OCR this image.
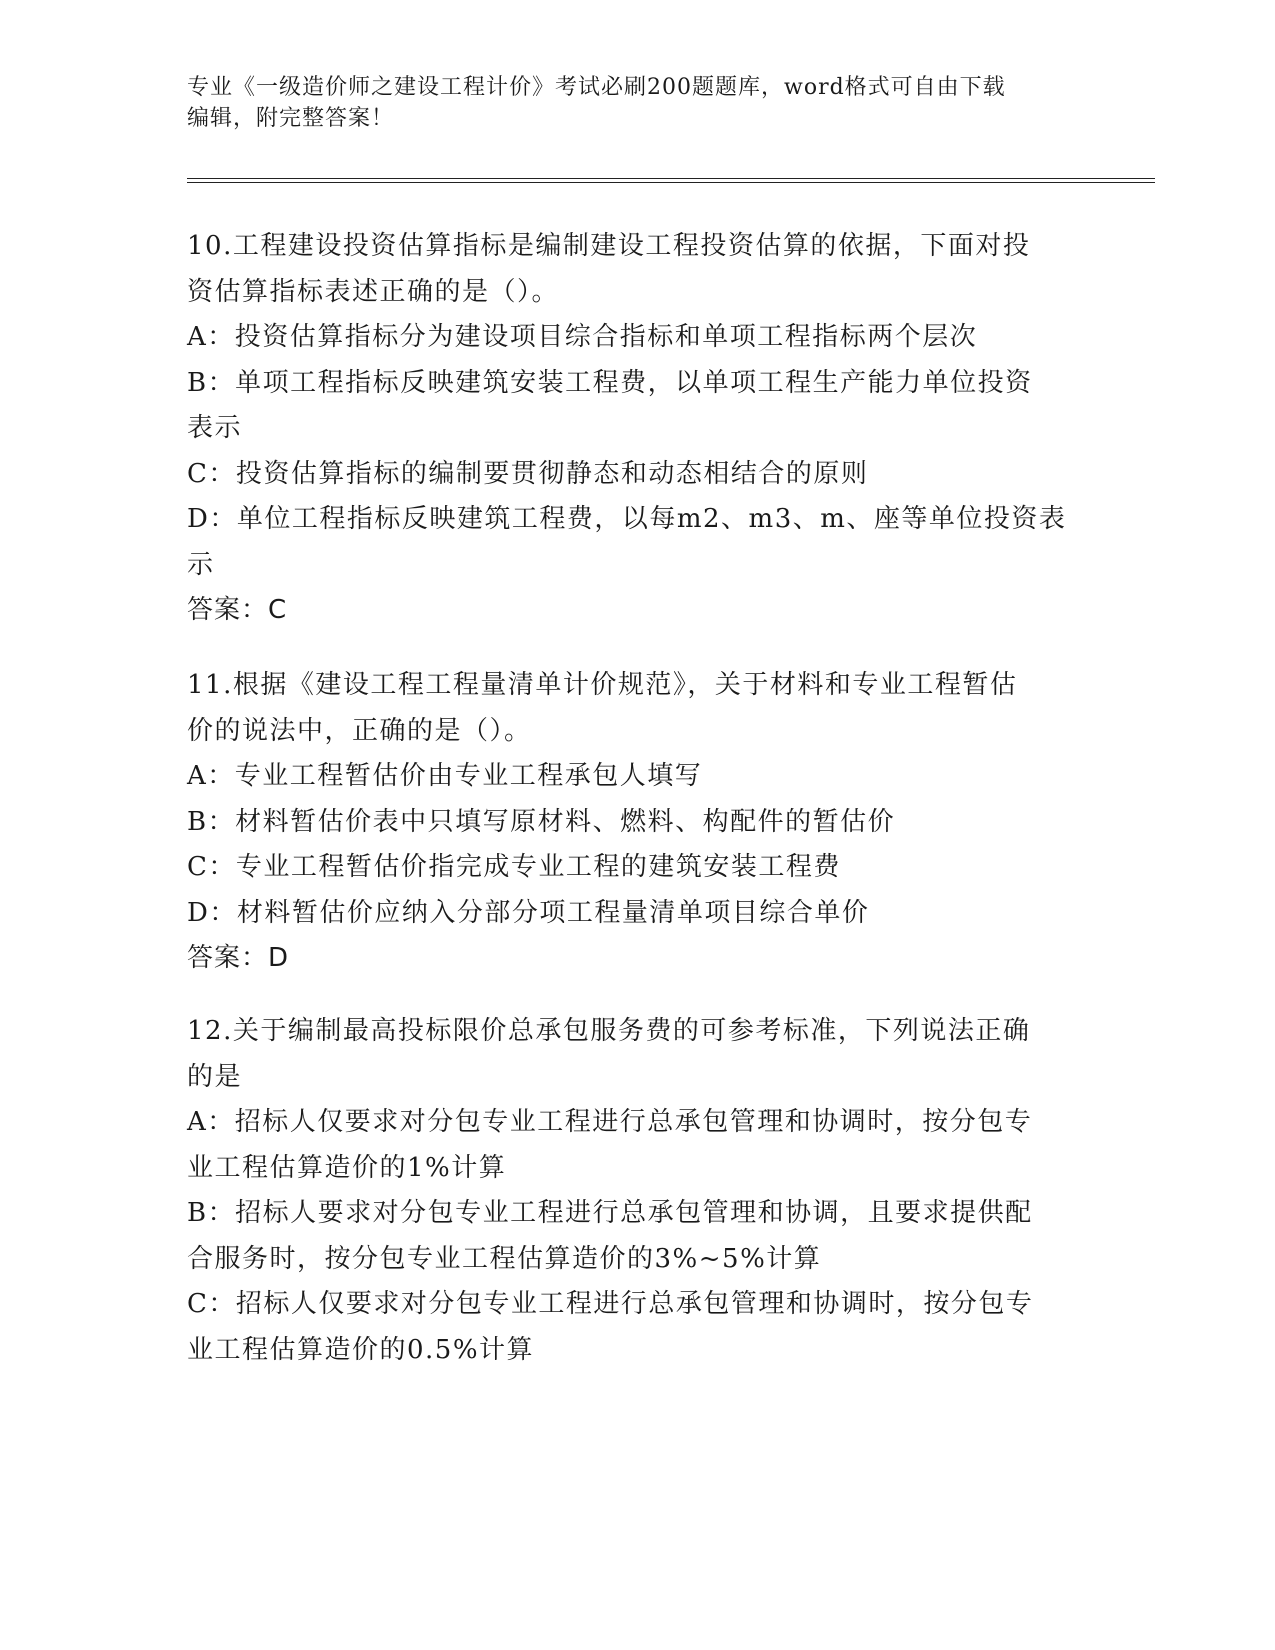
专业《一级造价师之建设工程计价》考试必刷200题题库，word格式可自由下载
编辑，附完整答案！
10.工程建设投资估算指标是编制建设工程投资估算的依据，下面对投
资估算指标表述正确的是（）。
A：投资估算指标分为建设项目综合指标和单项工程指标两个层次
B：单项工程指标反映建筑安装工程费，以单项工程生产能力单位投资
表示
C：投资估算指标的编制要贯彻静态和动态相结合的原则
D：单位工程指标反映建筑工程费，以每m2、m3、m、座等单位投资表
示
答案：C
11.根据《建设工程工程量清单计价规范》，关于材料和专业工程暂估
价的说法中，正确的是（）。
A：专业工程暂估价由专业工程承包人填写
B：材料暂估价表中只填写原材料、燃料、构配件的暂估价
C：专业工程暂估价指完成专业工程的建筑安装工程费
D：材料暂估价应纳入分部分项工程量清单项目综合单价
答案：D
12.关于编制最高投标限价总承包服务费的可参考标准，下列说法正确
的是
A：招标人仅要求对分包专业工程进行总承包管理和协调时，按分包专
业工程估算造价的1%计算
B：招标人要求对分包专业工程进行总承包管理和协调，且要求提供配
合服务时，按分包专业工程估算造价的3%~5%计算
C：招标人仅要求对分包专业工程进行总承包管理和协调时，按分包专
业工程估算造价的0.5%计算
